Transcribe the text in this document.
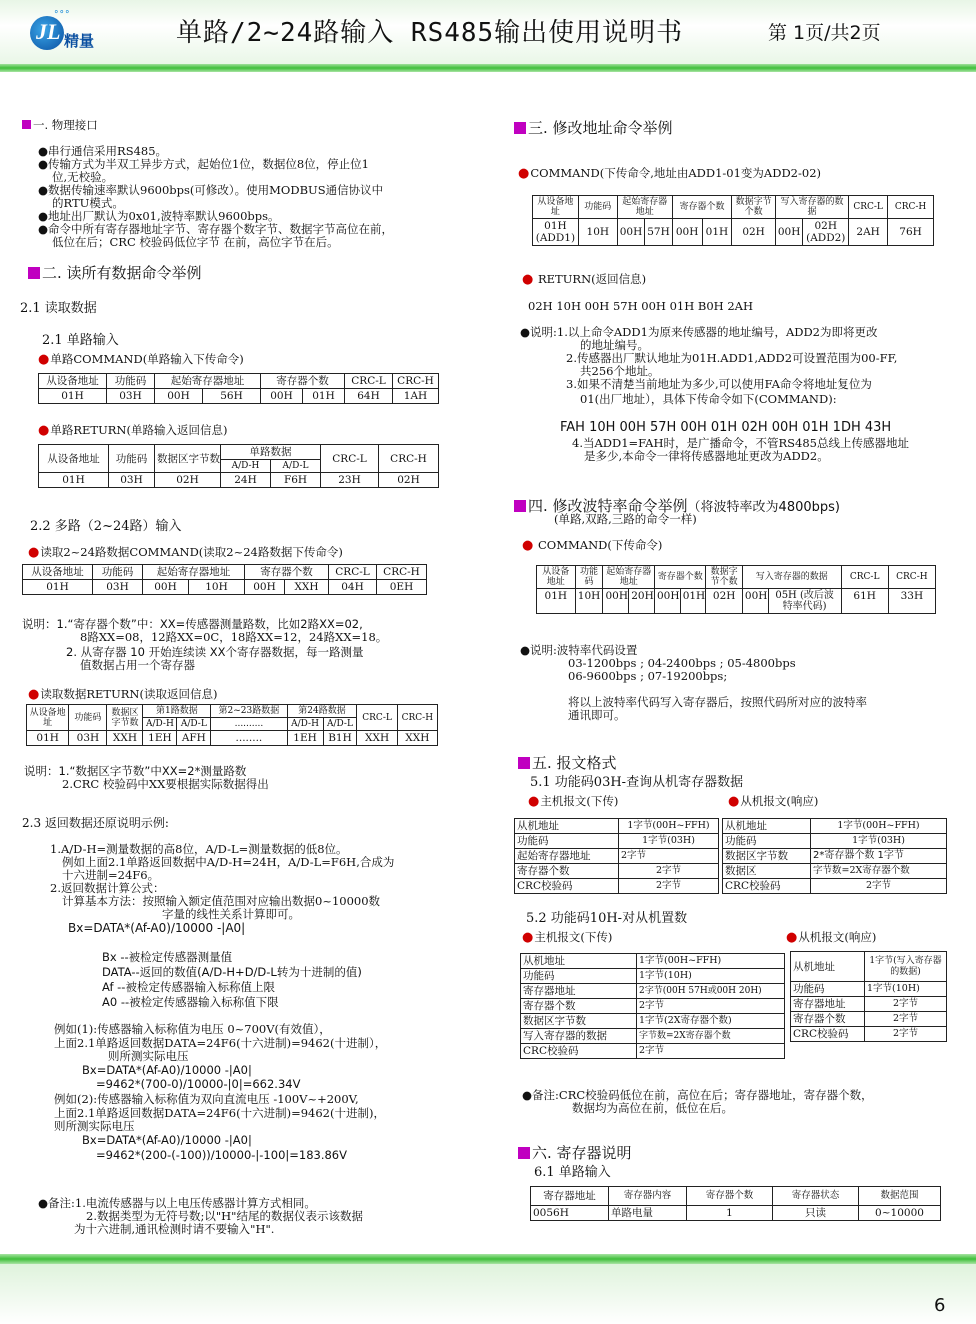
JL
°°°
精量	单路/2~24路输入 RS485输出使用说明书	第 1页/共2页
一. 物理接口
●串行通信采用RS485。
●传输方式为半双工异步方式，起始位1位，数据位8位，停止位1
位,无校验。
●数据传输速率默认9600bps(可修改）。使用MODBUS通信协议中
的RTU模式。
●地址出厂默认为0x01,波特率默认9600bps。
●命令中所有寄存器地址字节、寄存器个数字节、数据字节高位在前，
低位在后；CRC 校验码低位字节 在前，高位字节在后。
二. 读所有数据命令举例
2.1 读取数据
2.1 单路输入
●单路COMMAND(单路输入下传命令)
从设备地址	功能码	起始寄存器地址		寄存器个数		CRC-L	CRC-H
01H	03H	00H	56H	00H	01H	64H	1AH
●单路RETURN(单路输入返回信息)
从设备地址	功能码	数据区字节数	单路数据		CRC-L	CRC-H
			A/D-H	A/D-L		
01H	03H	02H	24H	F6H	23H	02H
2.2 多路（2~24路）输入
●读取2~24路数据COMMAND(读取2~24路数据下传命令)
从设备地址	功能码	起始寄存器地址		寄存器个数		CRC-L	CRC-H
01H	03H	00H	10H	00H	XXH	04H	0EH
说明：1.“寄存器个数”中：XX=传感器测量路数，比如2路XX=02,
8路XX=08，12路XX=0C，18路XX=12，24路XX=18。
2. 从寄存器 10 开始连续读 XX个寄存器数据，每一路测量
值数据占用一个寄存器
●读取数据RETURN(读取返回信息)
从设备地址	功能码	数据区字节数	第1路数据		第2~23路数据	第24路数据		CRC-L	CRC-H
			A/D-H	A/D-L	..........	A/D-H	A/D-L		
01H	03H	XXH	1EH	AFH	........	1EH	B1H	XXH	XXH
说明：1.“数据区字节数”中XX=2*测量路数
2.CRC 校验码中XX要根据实际数据得出
2.3 返回数据还原说明示例:
1.A/D-H=测量数据的高8位，A/D-L=测量数据的低8位。
例如上面2.1单路返回数据中A/D-H=24H，A/D-L=F6H,合成为
十六进制=24F6。
2.返回数据计算公式：
计算基本方法：按照输入额定值范围对应输出数据0~10000数
字量的线性关系计算即可。
Bx=DATA*(Af-A0)/10000 -|A0|
Bx --被检定传感器测量值
DATA--返回的数值(A/D-H+D/D-L转为十进制的值)
Af --被检定传感器输入标称值上限
A0 --被检定传感器输入标称值下限
例如(1):传感器输入标称值为电压 0~700V(有效值），
上面2.1单路返回数据DATA=24F6(十六进制)=9462(十进制），
则所测实际电压
Bx=DATA*(Af-A0)/10000 -|A0|
=9462*(700-0)/10000-|0|=662.34V
例如(2):传感器输入标称值为双向直流电压 -100V~+200V,
上面2.1单路返回数据DATA=24F6(十六进制)=9462(十进制)，
则所测实际电压
Bx=DATA*(Af-A0)/10000 -|A0|
=9462*(200-(-100))/10000-|-100|=183.86V
●备注:1.电流传感器与以上电压传感器计算方式相同。
2.数据类型为无符号数;以"H"结尾的数据仪表示该数据
为十六进制,通讯检测时请不要输入"H".
三. 修改地址命令举例
●COMMAND(下传命令,地址由ADD1-01变为ADD2-02)
从设备地址	功能码	起始寄存器地址		寄存器个数		数据字节个数	写入寄存器的数据		CRC-L	CRC-H
01H (ADD1)	10H	00H	57H	00H	01H	02H	00H	02H (ADD2)	2AH	76H
● RETURN(返回信息)
02H 10H 00H 57H 00H 01H B0H 2AH
●说明:1.以上命令ADD1为原来传感器的地址编号，ADD2为即将更改
的地址编号。
2.传感器出厂默认地址为01H.ADD1,ADD2可设置范围为00-FF,
共256个地址。
3.如果不清楚当前地址为多少,可以使用FA命令将地址复位为
01(出厂地址），具体下传命令如下(COMMAND):
FAH 10H 00H 57H 00H 01H 02H 00H 01H 1DH 43H
4.当ADD1=FAH时，是广播命令，不管RS485总线上传感器地址
是多少,本命令一律将传感器地址更改为ADD2。
四. 修改波特率命令举例（将波特率改为4800bps)
(单路,双路,三路的命令一样)
● COMMAND(下传命令)
从设备地址	功能码	起始寄存器地址		寄存器个数		数据字节个数	写入寄存器的数据		CRC-L	CRC-H
01H	10H	00H	20H	00H	01H	02H	00H	05H (改后波特率代码)	61H	33H
●说明:波特率代码设置
03-1200bps ; 04-2400bps ; 05-4800bps
06-9600bps ; 07-19200bps;
将以上波特率代码写入寄存器后，按照代码所对应的波特率
通讯即可。
五. 报文格式
5.1 功能码03H-查询从机寄存器数据
●主机报文(下传)	●从机报文(响应)
从机地址	1字节(00H~FFH)
功能码	1字节(03H)
起始寄存器地址	2字节
寄存器个数	2字节
CRC校验码	2字节
从机地址	1字节(00H~FFH)
功能码	1字节(03H)
数据区字节数	2*寄存器个数 1字节
数据区	字节数=2X寄存器个数
CRC校验码	2字节
5.2 功能码10H-对从机置数
●主机报文(下传)	●从机报文(响应)
从机地址	1字节(00H~FFH)
功能码	1字节(10H)
寄存器地址	2字节(00H 57H或00H 20H)
寄存器个数	2字节
数据区字节数	1字节(2X寄存器个数)
写入寄存器的数据	字节数=2X寄存器个数
CRC校验码	2字节
从机地址	1字节(写入寄存器的数据)
功能码	1字节(10H)
寄存器地址	2字节
寄存器个数	2字节
CRC校验码	2字节
●备注:CRC校验码低位在前，高位在后；寄存器地址，寄存器个数，
数据均为高位在前，低位在后。
六. 寄存器说明
6.1 单路输入
寄存器地址	寄存器内容	寄存器个数	寄存器状态	数据范围
0056H	单路电量	1	只读	0~10000
6
